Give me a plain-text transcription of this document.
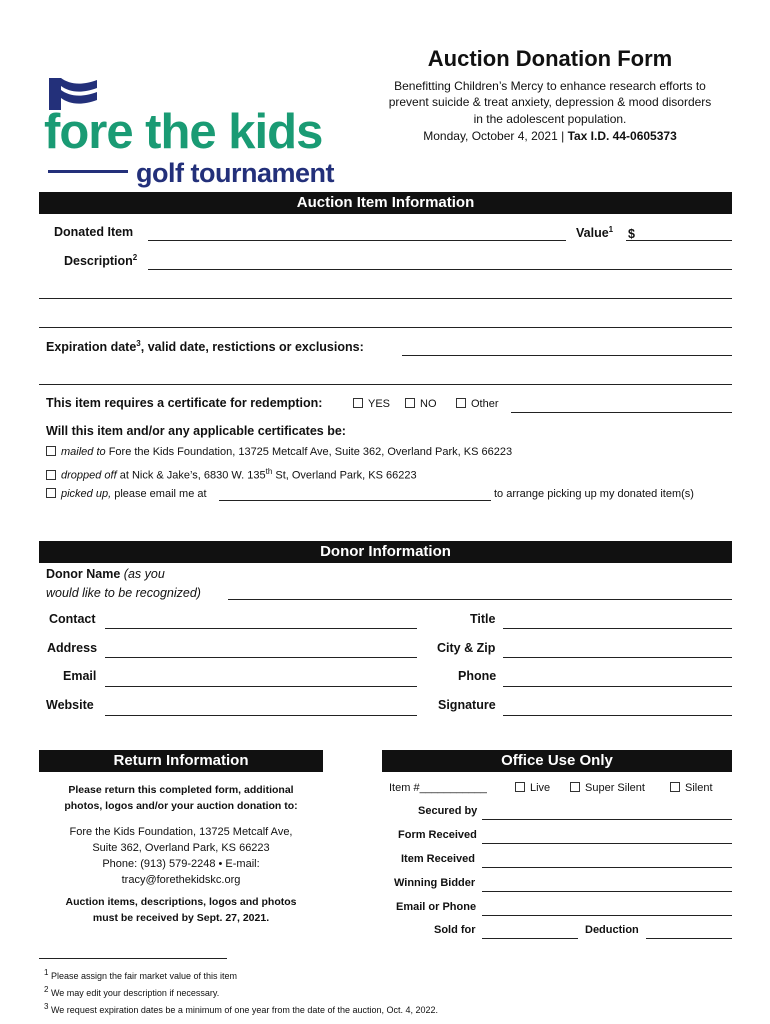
fore the kids
golf tournament
Auction Donation Form
Benefitting Children’s Mercy to enhance research efforts to
prevent suicide & treat anxiety, depression & mood disorders
in the adolescent population.
Monday, October 4, 2021 | Tax I.D. 44-0605373
Auction Item Information
Donated Item	Value$^1$ $
Description$^2$
Expiration date$^3$, valid date, restictions or exclusions:
This item requires a certificate for redemption:	YES	NO	Other
Will this item and/or any applicable certificates be:
mailed to Fore the Kids Foundation, 13725 Metcalf Ave, Suite 362, Overland Park, KS 66223
dropped off at Nick & Jake’s, 6830 W. 135th St, Overland Park, KS 66223
picked up, please email me at	to arrange picking up my donated item(s)
Donor Information
Donor Name (as you
would like to be recognized)
Contact	Title
Address	City & Zip
Email	Phone
Website	Signature
Return Information
Please return this completed form, additional
photos, logos and/or your auction donation to:
Fore the Kids Foundation, 13725 Metcalf Ave,
Suite 362, Overland Park, KS 66223
Phone: (913) 579-2248 • E-mail:
tracy@forethekidskc.org
Auction items, descriptions, logos and photos
must be received by Sept. 27, 2021.
Office Use Only
Item #___________	Live	Super Silent	Silent
Secured by
Form Received
Item Received
Winning Bidder
Email or Phone
Sold for	Deduction
$^1$ Please assign the fair market value of this item
$^2$ We may edit your description if necessary.
$^3$ We request expiration dates be a minimum of one year from the date of the auction, Oct. 4, 2022.
